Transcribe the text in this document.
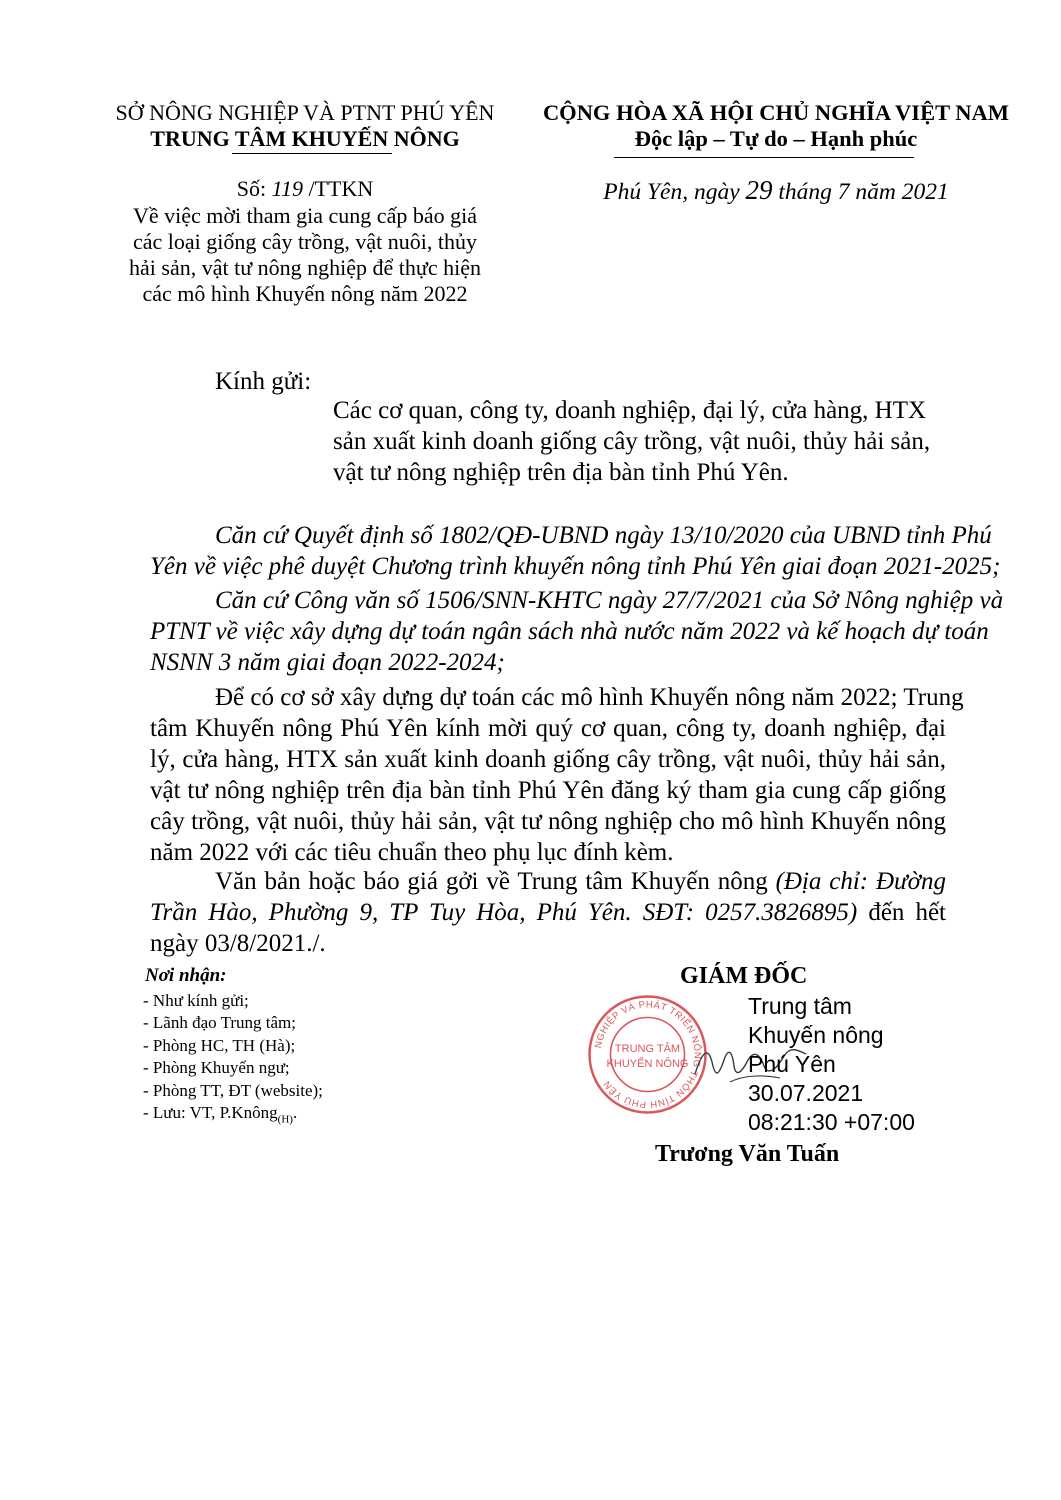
SỞ NÔNG NGHIỆP VÀ PTNT PHÚ YÊN
TRUNG TÂM KHUYẾN NÔNG
CỘNG HÒA XÃ HỘI CHỦ NGHĨA VIỆT NAM
Độc lập – Tự do – Hạnh phúc
Số: 119 /TTKN
Về việc mời tham gia cung cấp báo giá
các loại giống cây trồng, vật nuôi, thủy
hải sản, vật tư nông nghiệp để thực hiện
các mô hình Khuyến nông năm 2022
Phú Yên, ngày 29 tháng 7 năm 2021
Kính gửi:
Các cơ quan, công ty, doanh nghiệp, đại lý, cửa hàng, HTX
sản xuất kinh doanh giống cây trồng, vật nuôi, thủy hải sản,
vật tư nông nghiệp trên địa bàn tỉnh Phú Yên.
Căn cứ Quyết định số 1802/QĐ-UBND ngày 13/10/2020 của UBND tỉnh Phú
Yên về việc phê duyệt Chương trình khuyến nông tỉnh Phú Yên giai đoạn 2021-2025;
Căn cứ Công văn số 1506/SNN-KHTC ngày 27/7/2021 của Sở Nông nghiệp và
PTNT về việc xây dựng dự toán ngân sách nhà nước năm 2022 và kế hoạch dự toán
NSNN 3 năm giai đoạn 2022-2024;
Để có cơ sở xây dựng dự toán các mô hình Khuyến nông năm 2022; Trung
tâm Khuyến nông Phú Yên kính mời quý cơ quan, công ty, doanh nghiệp, đại
lý, cửa hàng, HTX sản xuất kinh doanh giống cây trồng, vật nuôi, thủy hải sản,
vật tư nông nghiệp trên địa bàn tỉnh Phú Yên đăng ký tham gia cung cấp giống
cây trồng, vật nuôi, thủy hải sản, vật tư nông nghiệp cho mô hình Khuyến nông
năm 2022 với các tiêu chuẩn theo phụ lục đính kèm.
Văn bản hoặc báo giá gởi về Trung tâm Khuyến nông (Địa chỉ: Đường
Trần Hào, Phường 9, TP Tuy Hòa, Phú Yên. SĐT: 0257.3826895) đến hết
ngày 03/8/2021./.
Nơi nhận:
- Như kính gửi;
- Lãnh đạo Trung tâm;
- Phòng HC, TH (Hà);
- Phòng Khuyến ngư;
- Phòng TT, ĐT (website);
- Lưu: VT, P.Knông$_{(H)}$.
NGHIỆP VÀ PHÁT TRIỂN NÔNG THÔN TỈNH PHÚ YÊN
TRUNG TÂM
KHUYẾN NÔNG
GIÁM ĐỐC
Trung tâm
Khuyến nông
Phú Yên
30.07.2021
08:21:30 +07:00
Trương Văn Tuấn
